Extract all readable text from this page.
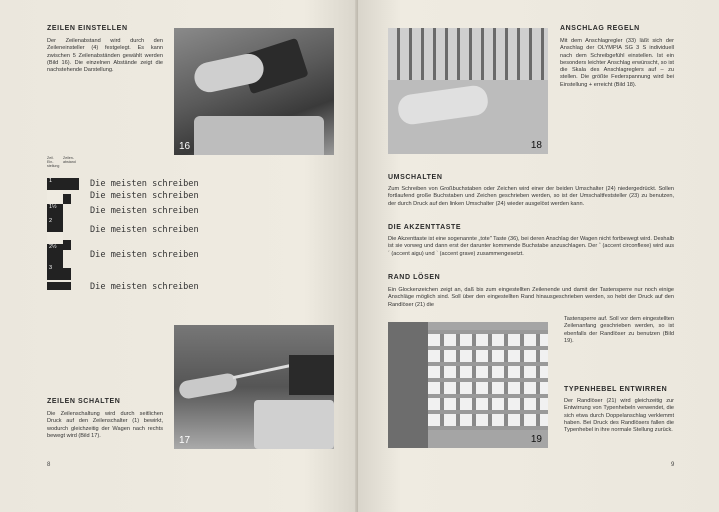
ZEILEN EINSTELLEN

Der Zeilenabstand wird durch den Zeileneinsteller (4) festgelegt. Es kann zwischen 5 Zeilenabständen gewählt werden (Bild 16). Die einzelnen Abstände zeigt die nachstehende Darstellung.

16
Zeil. Ein-stellung
Zeilen-abstand
1
1½
2
2½
3
Die meisten schreiben
Die meisten schreiben
Die meisten schreiben
Die meisten schreiben
Die meisten schreiben
Die meisten schreiben
17
ZEILEN SCHALTEN

Die Zeilenschaltung wird durch seitlichen Druck auf den Zeilenschalter (1) bewirkt, wodurch gleichzeitig der Wagen nach rechts bewegt wird (Bild 17).

8
18
ANSCHLAG REGELN

Mit dem Anschlagregler (33) läßt sich der Anschlag der OLYMPIA SG 3 S individuell nach dem Schreibgefühl einstellen. Ist ein besonders leichter Anschlag erwünscht, so ist die Skala des Anschlagreglers auf – zu stellen. Die größte Federspannung wird bei Einstellung + erreicht (Bild 18).

UMSCHALTEN

Zum Schreiben von Großbuchstaben oder Zeichen wird einer der beiden Umschalter (24) niedergedrückt. Sollen fortlaufend große Buchstaben und Zeichen geschrieben werden, so ist der Umschaltfeststeller (23) zu benutzen, der durch Druck auf den linken Umschalter (24) wieder ausgelöst werden kann.

DIE AKZENTTASTE

Die Akzenttaste ist eine sogenannte „tote" Taste (36), bei deren Anschlag der Wagen nicht fortbewegt wird. Deshalb ist sie vorweg und dann erst der darunter kommende Buchstabe anzuschlagen. Der ˆ (accent circonflexe) wird aus ´ (accent aigu) und ` (accent grave) zusammengesetzt.

RAND LÖSEN

Ein Glockenzeichen zeigt an, daß bis zum eingestellten Zeilenende und damit der Tastensperre nur noch einige Anschläge möglich sind. Soll über den eingestellten Rand hinausgeschrieben werden, so hebt der Druck auf den Randlöser (21) die

Tastensperre auf. Soll vor dem eingestellten Zeilenanfang geschrieben werden, so ist ebenfalls der Randlöser zu benutzen (Bild 19).

19
TYPENHEBEL ENTWIRREN

Der Randlöser (21) wird gleichzeitig zur Entwirrung von Typenhebeln verwendet, die sich etwa durch Doppelanschlag verklemmt haben. Bei Druck des Randlösers fallen die Typenhebel in ihre normale Stellung zurück.

9
